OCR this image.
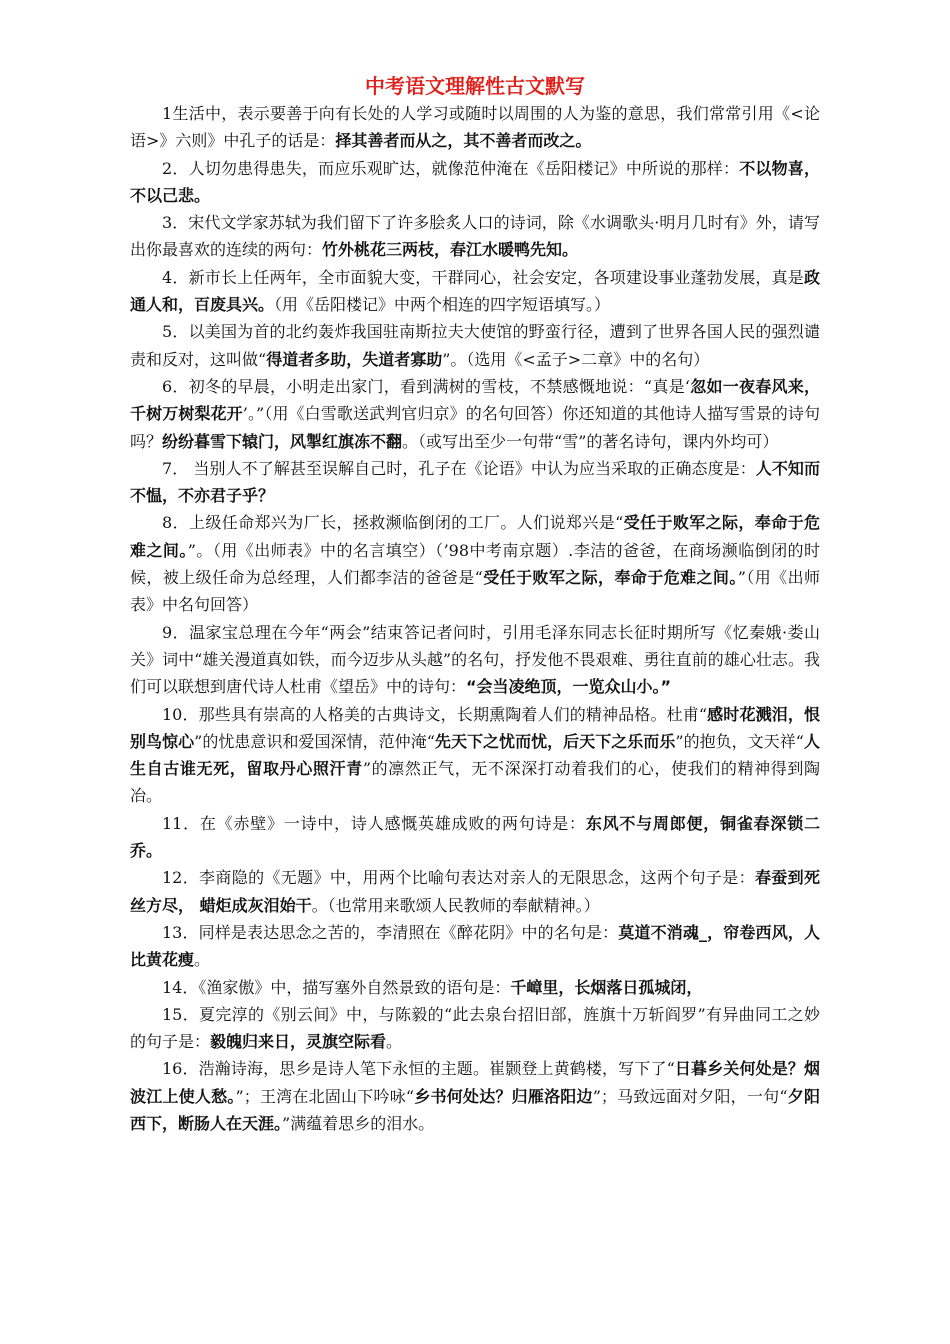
中考语文理解性古文默写

1生活中，表示要善于向有长处的人学习或随时以周围的人为鉴的意思，我们常常引用《<论语>》六则》中孔子的话是：择其善者而从之，其不善者而改之。

2．人切勿患得患失，而应乐观旷达，就像范仲淹在《岳阳楼记》中所说的那样：不以物喜，不以己悲。

3．宋代文学家苏轼为我们留下了许多脍炙人口的诗词，除《水调歌头·明月几时有》外，请写出你最喜欢的连续的两句：竹外桃花三两枝，春江水暖鸭先知。

4．新市长上任两年，全市面貌大变，干群同心，社会安定，各项建设事业蓬勃发展，真是政通人和，百废具兴。（用《岳阳楼记》中两个相连的四字短语填写。）

5．以美国为首的北约轰炸我国驻南斯拉夫大使馆的野蛮行径，遭到了世界各国人民的强烈谴责和反对，这叫做“得道者多助，失道者寡助”。（选用《<孟子>二章》中的名句）

6．初冬的早晨，小明走出家门，看到满树的雪枝，不禁感慨地说：“真是‘忽如一夜春风来，千树万树梨花开’。”（用《白雪歌送武判官归京》的名句回答）你还知道的其他诗人描写雪景的诗句吗？纷纷暮雪下辕门，风掣红旗冻不翻。（或写出至少一句带“雪”的著名诗句，课内外均可）

7． 当别人不了解甚至误解自己时，孔子在《论语》中认为应当采取的正确态度是：人不知而不愠，不亦君子乎？

8．上级任命郑兴为厂长，拯救濒临倒闭的工厂。人们说郑兴是“受任于败军之际，奉命于危难之间。”。（用《出师表》中的名言填空）（’98中考南京题）.李洁的爸爸，在商场濒临倒闭的时候，被上级任命为总经理，人们都李洁的爸爸是“受任于败军之际，奉命于危难之间。”（用《出师表》中名句回答）

9．温家宝总理在今年“两会”结束答记者问时，引用毛泽东同志长征时期所写《忆秦娥·娄山关》词中“雄关漫道真如铁，而今迈步从头越”的名句，抒发他不畏艰难、勇往直前的雄心壮志。我们可以联想到唐代诗人杜甫《望岳》中的诗句：“会当凌绝顶，一览众山小。”

10．那些具有崇高的人格美的古典诗文，长期熏陶着人们的精神品格。杜甫“感时花溅泪，恨别鸟惊心”的忧患意识和爱国深情，范仲淹“先天下之忧而忧，后天下之乐而乐”的抱负，文天祥“人生自古谁无死，留取丹心照汗青”的凛然正气，无不深深打动着我们的心，使我们的精神得到陶冶。

11．在《赤壁》一诗中，诗人感慨英雄成败的两句诗是：东风不与周郎便，铜雀春深锁二乔。

12．李商隐的《无题》中，用两个比喻句表达对亲人的无限思念，这两个句子是：春蚕到死丝方尽， 蜡炬成灰泪始干。（也常用来歌颂人民教师的奉献精神。）

13．同样是表达思念之苦的，李清照在《醉花阴》中的名句是：莫道不消魂_，帘卷西风，人比黄花瘦。

14．《渔家傲》中，描写塞外自然景致的语句是：千嶂里，长烟落日孤城闭，

15．夏完淳的《别云间》中，与陈毅的“此去泉台招旧部，旌旗十万斩阎罗”有异曲同工之妙的句子是：毅魄归来日，灵旗空际看。

16．浩瀚诗海，思乡是诗人笔下永恒的主题。崔颢登上黄鹤楼，写下了“日暮乡关何处是？烟波江上使人愁。”；王湾在北固山下吟咏“乡书何处达？归雁洛阳边”；马致远面对夕阳，一句“夕阳西下，断肠人在天涯。”满蕴着思乡的泪水。
